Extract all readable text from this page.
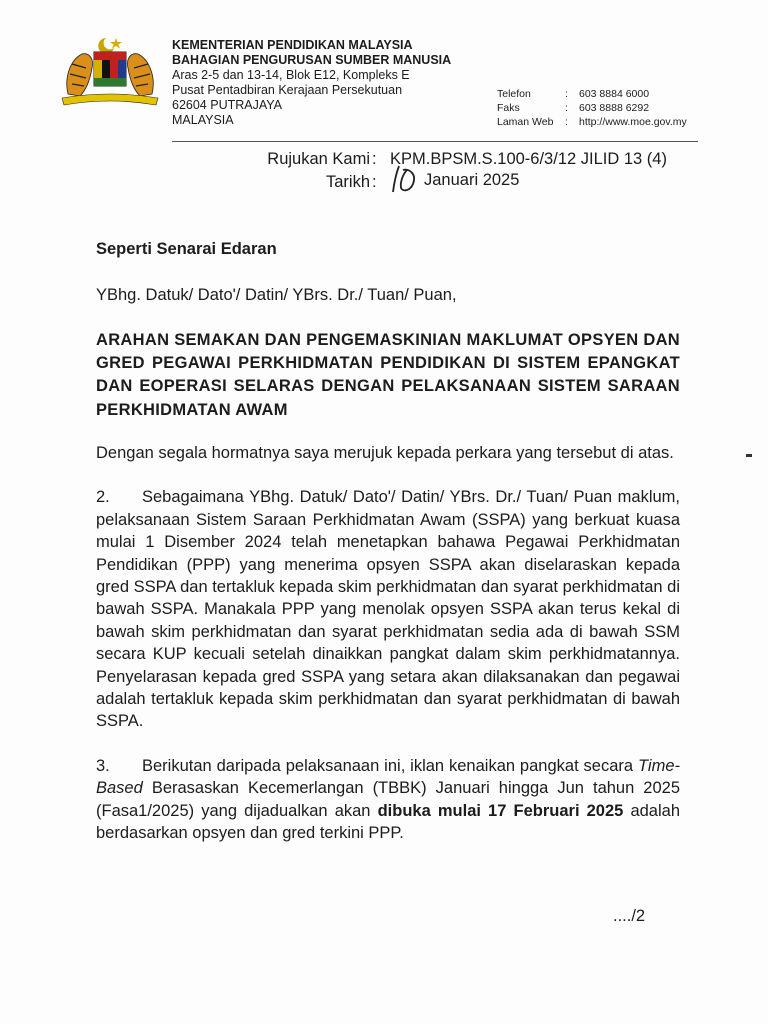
KEMENTERIAN PENDIDIKAN MALAYSIA
BAHAGIAN PENGURUSAN SUMBER MANUSIA
Aras 2-5 dan 13-14, Blok E12, Kompleks E
Pusat Pentadbiran Kerajaan Persekutuan
62604 PUTRAJAYA
MALAYSIA
Telefon	:	603 8884 6000
Faks	:	603 8888 6292
Laman Web	:	http://www.moe.gov.my
Rujukan Kami : KPM.BPSM.S.100-6/3/12 JILID 13 (4)
Tarikh :	Januari 2025

Seperti Senarai Edaran

YBhg. Datuk/ Dato'/ Datin/ YBrs. Dr./ Tuan/ Puan,

ARAHAN SEMAKAN DAN PENGEMASKINIAN MAKLUMAT OPSYEN DAN GRED PEGAWAI PERKHIDMATAN PENDIDIKAN DI SISTEM EPANGKAT DAN EOPERASI SELARAS DENGAN PELAKSANAAN SISTEM SARAAN PERKHIDMATAN AWAM

Dengan segala hormatnya saya merujuk kepada perkara yang tersebut di atas.

2. Sebagaimana YBhg. Datuk/ Dato'/ Datin/ YBrs. Dr./ Tuan/ Puan maklum, pelaksanaan Sistem Saraan Perkhidmatan Awam (SSPA) yang berkuat kuasa mulai 1 Disember 2024 telah menetapkan bahawa Pegawai Perkhidmatan Pendidikan (PPP) yang menerima opsyen SSPA akan diselaraskan kepada gred SSPA dan tertakluk kepada skim perkhidmatan dan syarat perkhidmatan di bawah SSPA. Manakala PPP yang menolak opsyen SSPA akan terus kekal di bawah skim perkhidmatan dan syarat perkhidmatan sedia ada di bawah SSM secara KUP kecuali setelah dinaikkan pangkat dalam skim perkhidmatannya. Penyelarasan kepada gred SSPA yang setara akan dilaksanakan dan pegawai adalah tertakluk kepada skim perkhidmatan dan syarat perkhidmatan di bawah SSPA.

3. Berikutan daripada pelaksanaan ini, iklan kenaikan pangkat secara Time-Based Berasaskan Kecemerlangan (TBBK) Januari hingga Jun tahun 2025 (Fasa1/2025) yang dijadualkan akan dibuka mulai 17 Februari 2025 adalah berdasarkan opsyen dan gred terkini PPP.

..../2
